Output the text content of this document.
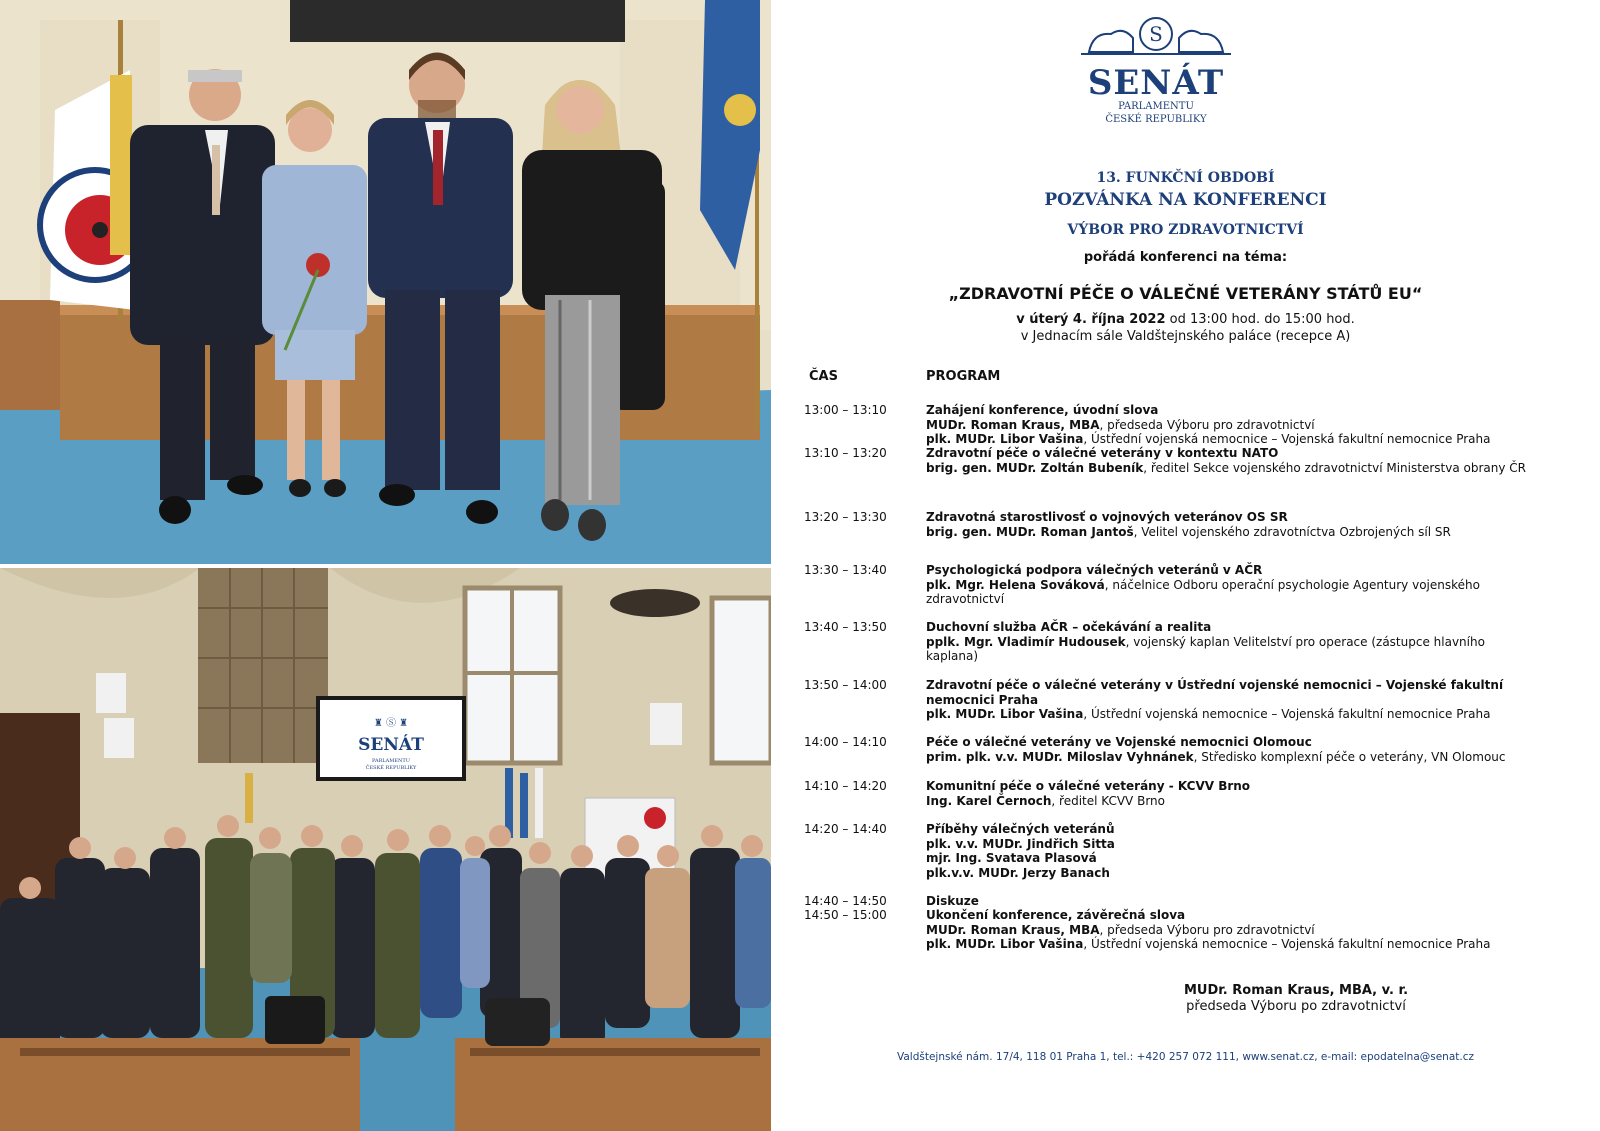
♜ Ⓢ ♜
SENÁT
PARLAMENTU
ČESKÉ REPUBLIKY
S
SENÁT
PARLAMENTU
ČESKÉ REPUBLIKY
13. FUNKČNÍ OBDOBÍ
POZVÁNKA NA KONFERENCI
VÝBOR PRO ZDRAVOTNICTVÍ
pořádá konferenci na téma:
„ZDRAVOTNÍ PÉČE O VÁLEČNÉ VETERÁNY STÁTŮ EU“
v úterý 4. října 2022 od 13:00 hod. do 15:00 hod.
v Jednacím sále Valdštejnského paláce (recepce A)
ČAS	PROGRAM
13:00 – 13:10	Zahájení konference, úvodní slova
MUDr. Roman Kraus, MBA, předseda Výboru pro zdravotnictví
plk. MUDr. Libor Vašina, Ústřední vojenská nemocnice – Vojenská fakultní nemocnice Praha
13:10 – 13:20	Zdravotní péče o válečné veterány v kontextu NATO
brig. gen. MUDr. Zoltán Bubeník, ředitel Sekce vojenského zdravotnictví Ministerstva obrany ČR
13:20 – 13:30	Zdravotná starostlivosť o vojnových veteránov OS SR
brig. gen. MUDr. Roman Jantoš, Velitel vojenského zdravotníctva Ozbrojených síl SR
13:30 – 13:40	Psychologická podpora válečných veteránů v AČR
plk. Mgr. Helena Sováková, náčelnice Odboru operační psychologie Agentury vojenského zdravotnictví
13:40 – 13:50	Duchovní služba AČR – očekávání a realita
pplk. Mgr. Vladimír Hudousek, vojenský kaplan Velitelství pro operace (zástupce hlavního kaplana)
13:50 – 14:00	Zdravotní péče o válečné veterány v Ústřední vojenské nemocnici – Vojenské fakultní nemocnici Praha
plk. MUDr. Libor Vašina, Ústřední vojenská nemocnice – Vojenská fakultní nemocnice Praha
14:00 – 14:10	Péče o válečné veterány ve Vojenské nemocnici Olomouc
prim. plk. v.v. MUDr. Miloslav Vyhnánek, Středisko komplexní péče o veterány, VN Olomouc
14:10 – 14:20	Komunitní péče o válečné veterány - KCVV Brno
Ing. Karel Černoch, ředitel KCVV Brno
14:20 – 14:40	Příběhy válečných veteránů
plk. v.v. MUDr. Jindřich Sitta
mjr. Ing. Svatava Plasová
plk.v.v. MUDr. Jerzy Banach
14:40 – 14:50	Diskuze
14:50 – 15:00	Ukončení konference, závěrečná slova
MUDr. Roman Kraus, MBA, předseda Výboru pro zdravotnictví
plk. MUDr. Libor Vašina, Ústřední vojenská nemocnice – Vojenská fakultní nemocnice Praha
MUDr. Roman Kraus, MBA, v. r.
předseda Výboru po zdravotnictví
Valdštejnské nám. 17/4, 118 01 Praha 1, tel.: +420 257 072 111, www.senat.cz, e-mail: epodatelna@senat.cz
